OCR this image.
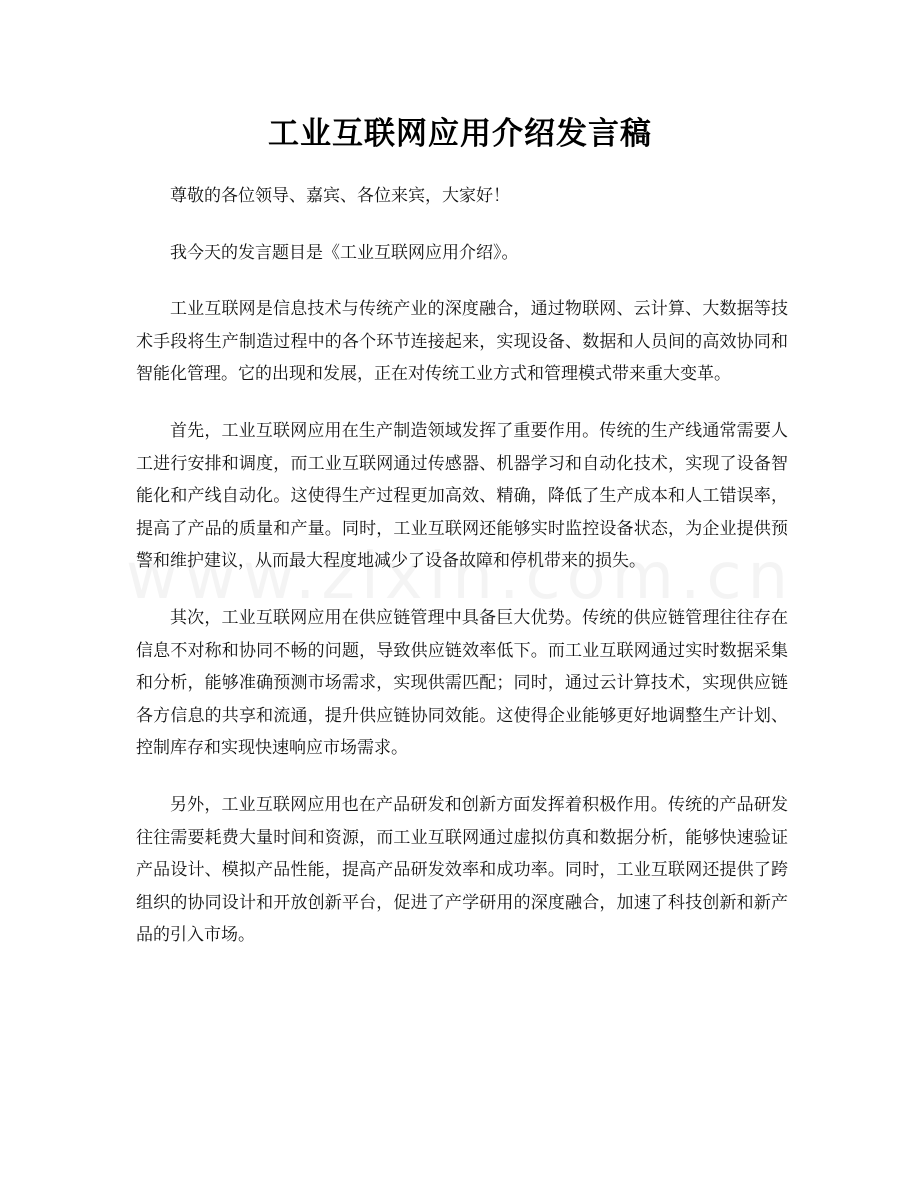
工业互联网应用介绍发言稿

尊敬的各位领导、嘉宾、各位来宾，大家好！

我今天的发言题目是《工业互联网应用介绍》。

工业互联网是信息技术与传统产业的深度融合，通过物联网、云计算、大数据等技术手段将生产制造过程中的各个环节连接起来，实现设备、数据和人员间的高效协同和智能化管理。它的出现和发展，正在对传统工业方式和管理模式带来重大变革。

首先，工业互联网应用在生产制造领域发挥了重要作用。传统的生产线通常需要人工进行安排和调度，而工业互联网通过传感器、机器学习和自动化技术，实现了设备智能化和产线自动化。这使得生产过程更加高效、精确，降低了生产成本和人工错误率，提高了产品的质量和产量。同时，工业互联网还能够实时监控设备状态，为企业提供预警和维护建议，从而最大程度地减少了设备故障和停机带来的损失。

其次，工业互联网应用在供应链管理中具备巨大优势。传统的供应链管理往往存在信息不对称和协同不畅的问题，导致供应链效率低下。而工业互联网通过实时数据采集和分析，能够准确预测市场需求，实现供需匹配；同时，通过云计算技术，实现供应链各方信息的共享和流通，提升供应链协同效能。这使得企业能够更好地调整生产计划、控制库存和实现快速响应市场需求。

另外，工业互联网应用也在产品研发和创新方面发挥着积极作用。传统的产品研发往往需要耗费大量时间和资源，而工业互联网通过虚拟仿真和数据分析，能够快速验证产品设计、模拟产品性能，提高产品研发效率和成功率。同时，工业互联网还提供了跨组织的协同设计和开放创新平台，促进了产学研用的深度融合，加速了科技创新和新产品的引入市场。
